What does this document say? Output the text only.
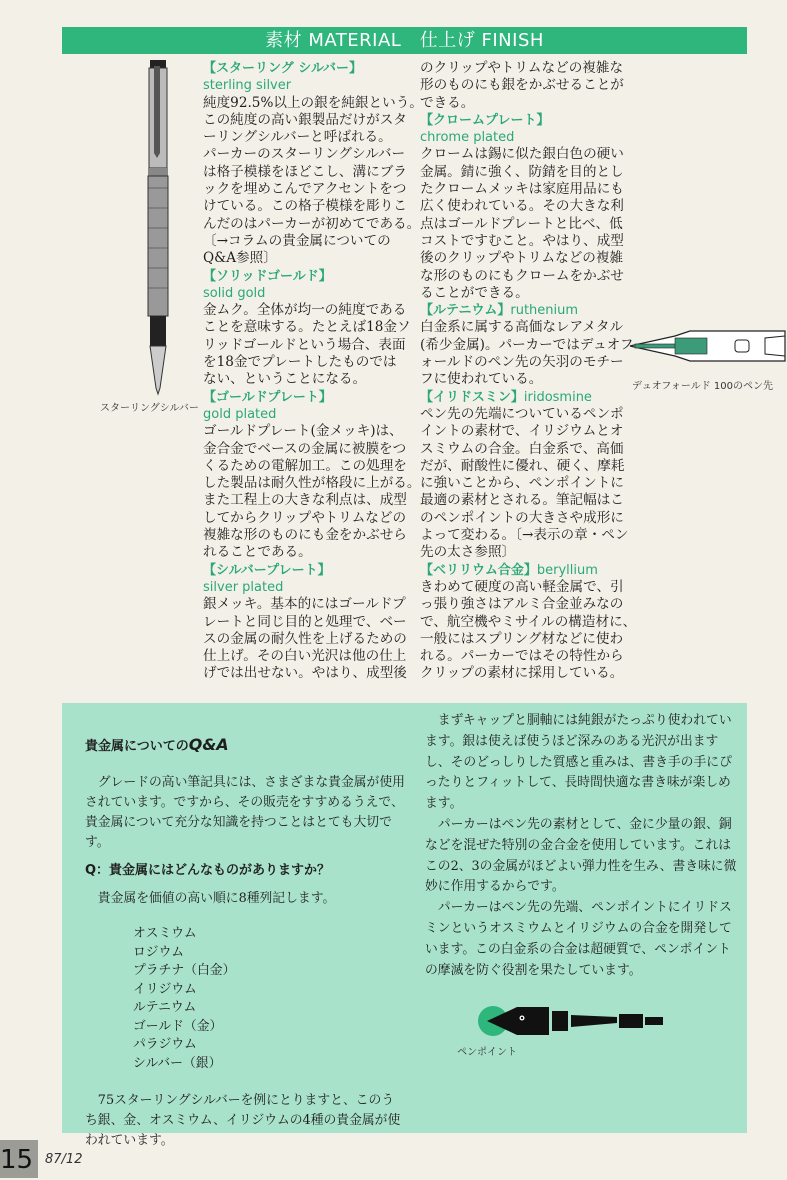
素材 MATERIAL　仕上げ FINISH
スターリングシルバー
【スターリング シルバー】
sterling silver
純度92.5%以上の銀を純銀という。
この純度の高い銀製品だけがスタ
ーリングシルバーと呼ばれる。
パーカーのスターリングシルバー
は格子模様をほどこし、溝にブラ
ックを埋めこんでアクセントをつ
けている。この格子模様を彫りこ
んだのはパーカーが初めてである。
〔→コラムの貴金属についての
Q&A参照〕
【ソリッドゴールド】
solid gold
金ムク。全体が均一の純度である
ことを意味する。たとえば18金ソ
リッドゴールドという場合、表面
を18金でプレートしたものでは
ない、ということになる。
【ゴールドプレート】
gold plated
ゴールドプレート(金メッキ)は、
金合金でベースの金属に被膜をつ
くるための電解加工。この処理を
した製品は耐久性が格段に上がる。
また工程上の大きな利点は、成型
してからクリップやトリムなどの
複雑な形のものにも金をかぶせら
れることである。
【シルバープレート】
silver plated
銀メッキ。基本的にはゴールドプ
レートと同じ目的と処理で、ベー
スの金属の耐久性を上げるための
仕上げ。その白い光沢は他の仕上
げでは出せない。やはり、成型後
のクリップやトリムなどの複雑な
形のものにも銀をかぶせることが
できる。
【クロームプレート】
chrome plated
クロームは錫に似た銀白色の硬い
金属。錆に強く、防錆を目的とし
たクロームメッキは家庭用品にも
広く使われている。その大きな利
点はゴールドプレートと比べ、低
コストですむこと。やはり、成型
後のクリップやトリムなどの複雑
な形のものにもクロームをかぶせ
ることができる。
【ルテニウム】ruthenium
白金系に属する高価なレアメタル
(希少金属)。パーカーではデュオフ
ォールドのペン先の矢羽のモチー
フに使われている。
【イリドスミン】iridosmine
ペン先の先端についているペンポ
イントの素材で、イリジウムとオ
スミウムの合金。白金系で、高価
だが、耐酸性に優れ、硬く、摩耗
に強いことから、ペンポイントに
最適の素材とされる。筆記幅はこ
のペンポイントの大きさや成形に
よって変わる。〔→表示の章・ペン
先の太さ参照〕
【ベリリウム合金】beryllium
きわめて硬度の高い軽金属で、引
っ張り強さはアルミ合金並みなの
で、航空機やミサイルの構造材に、
一般にはスプリング材などに使わ
れる。パーカーではその特性から
クリップの素材に採用している。
デュオフォールド 100のペン先
貴金属についてのQ&A
グレードの高い筆記具には、さまざまな貴金属が使用されています。ですから、その販売をすすめるうえで、貴金属について充分な知識を持つことはとても大切です。
Q：貴金属にはどんなものがありますか？
貴金属を価値の高い順に8種列記します。
オスミウム
ロジウム
プラチナ（白金）
イリジウム
ルテニウム
ゴールド（金）
パラジウム
シルバー（銀）
75スターリングシルバーを例にとりますと、このうち銀、金、オスミウム、イリジウムの4種の貴金属が使われています。
まずキャップと胴軸には純銀がたっぷり使われています。銀は使えば使うほど深みのある光沢が出ますし、そのどっしりした質感と重みは、書き手の手にぴったりとフィットして、長時間快適な書き味が楽しめます。
パーカーはペン先の素材として、金に少量の銀、銅などを混ぜた特別の金合金を使用しています。これはこの2、3の金属がほどよい弾力性を生み、書き味に微妙に作用するからです。
パーカーはペン先の先端、ペンポイントにイリドスミンというオスミウムとイリジウムの合金を開発しています。この白金系の合金は超硬質で、ペンポイントの摩滅を防ぐ役割を果たしています。
ペンポイント
15 87/12
